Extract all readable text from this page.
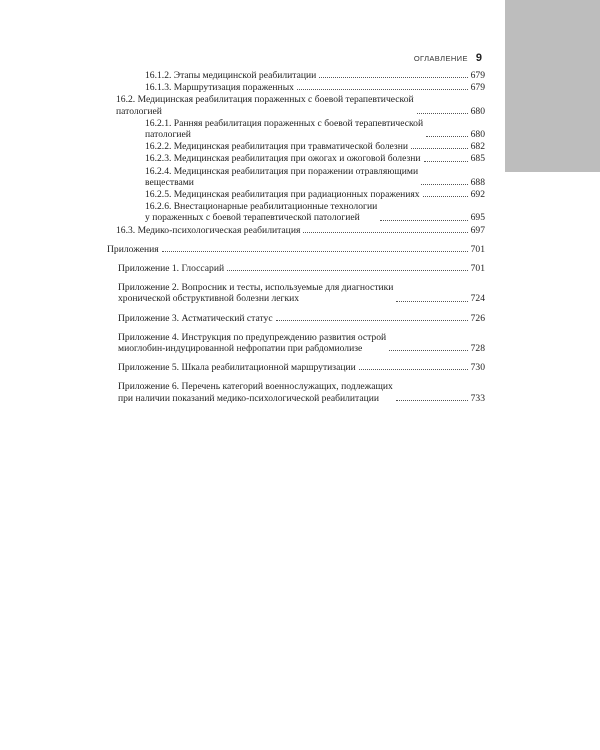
ОГЛАВЛЕНИЕ 9
16.1.2. Этапы медицинской реабилитации	679
16.1.3. Маршрутизация пораженных	679
16.2. Медицинская реабилитация пораженных с боевой терапевтической
патологией	680
16.2.1. Ранняя реабилитация пораженных с боевой терапевтической
патологией	680
16.2.2. Медицинская реабилитация при травматической болезни	682
16.2.3. Медицинская реабилитация при ожогах и ожоговой болезни	685
16.2.4. Медицинская реабилитация при поражении отравляющими
веществами	688
16.2.5. Медицинская реабилитация при радиационных поражениях	692
16.2.6. Внестационарные реабилитационные технологии
у пораженных с боевой терапевтической патологией	695
16.3. Медико-психологическая реабилитация	697
Приложения	701
Приложение 1. Глоссарий	701
Приложение 2. Вопросник и тесты, используемые для диагностики
хронической обструктивной болезни легких	724
Приложение 3. Астматический статус	726
Приложение 4. Инструкция по предупреждению развития острой
миоглобин-индуцированной нефропатии при рабдомиолизе	728
Приложение 5. Шкала реабилитационной маршрутизации	730
Приложение 6. Перечень категорий военнослужащих, подлежащих
при наличии показаний медико-психологической реабилитации	733
